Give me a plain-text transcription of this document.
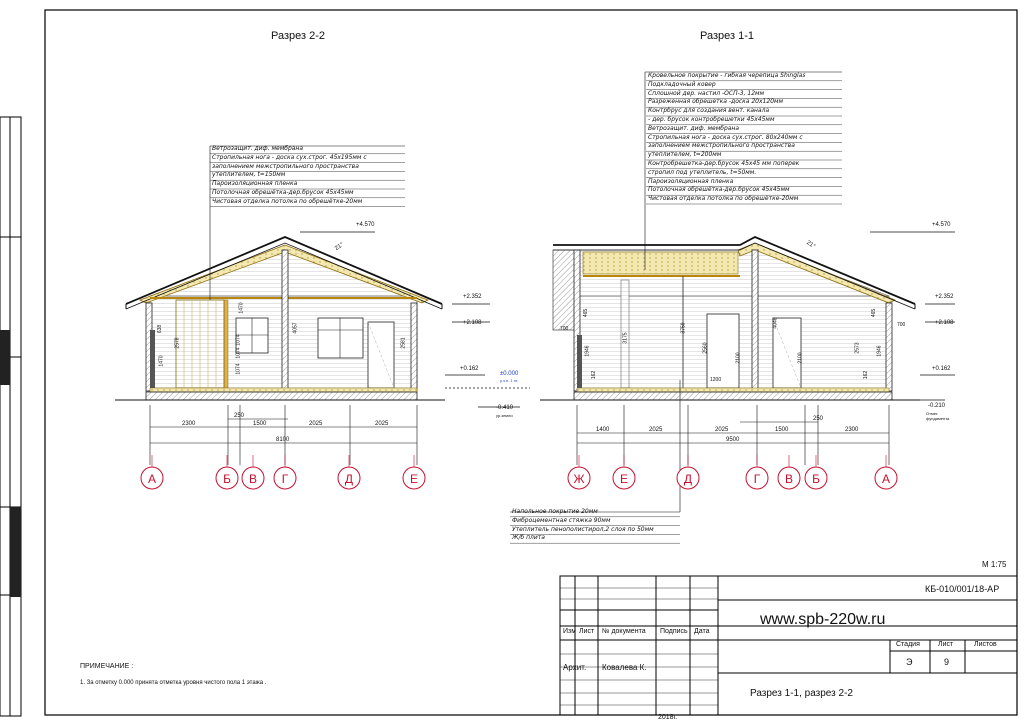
А	Б В Г	Д	Е	Ж	Е	Д	Г В Б	А
Разрез 2-2	Разрез 1-1
Ветрозащит. диф. мембрана
Стропильная нога - доска сух.строг. 45х195мм с
заполнением межстропильного пространства
утеплителем, t=150мм
Пароизоляционная пленка
Потолочная обрешётка-дер.брусок 45х45мм
Чистовая отделка потолка по обрешётке-20мм
Кровельное покрытие - гибкая черепица Shinglas
Подкладочный ковер
Сплошной дер. настил -ОСП-3, 12мм
Разреженная обрешетка -доска 20х120мм
Контрбрус для создания вент. канала
- дер. брусок контробрешетки 45х45мм
Ветрозащит. диф. мембрана
Стропильная нога - доска сух.строг. 80х240мм с
заполнением межстропильного пространства
утеплителем, t=200мм
Контробрешетка-дер.брусок 45х45 мм поперек
стропил под утеплитель, t=50мм.
Пароизоляционная пленка
Потолочная обрешётка-дер.брусок 45х45мм
Чистовая отделка потолка по обрешётке-20мм
Напольное покрытие 20мм
Фиброцементная стяжка 90мм
Утеплитель пенополистирол,2 слоя по 50мм
Ж/б плита
+4.570
+2.352
+2.108
+0.162
±0.000
у.ч.п. 1 эт.
-0.410
ур.земли
21°
+4.570
+2.352
+2.108
+0.162
-0.210
Отмет. фундамента
21°
2300	1500	2025	2025
250
8100
638
1470
2578
1470
1074
1074
1074
4057
2581
1400	2025	2025	1500	2300
250
9500
700
465
1946
162
3175
3759
2560
1200
2100
4048
2100
2573
465
1946
162
700
М 1:75
КБ-010/001/18-АР
www.spb-220w.ru
Изм Лист № документа Подпись Дата
Архит. Ковалева К.
Стадия	Лист	Листов
Э	9
Разрез 1-1, разрез 2-2
2018г.
ПРИМЕЧАНИЕ :
1. За отметку 0.000 принята отметка уровня чистого пола 1 этажа .
